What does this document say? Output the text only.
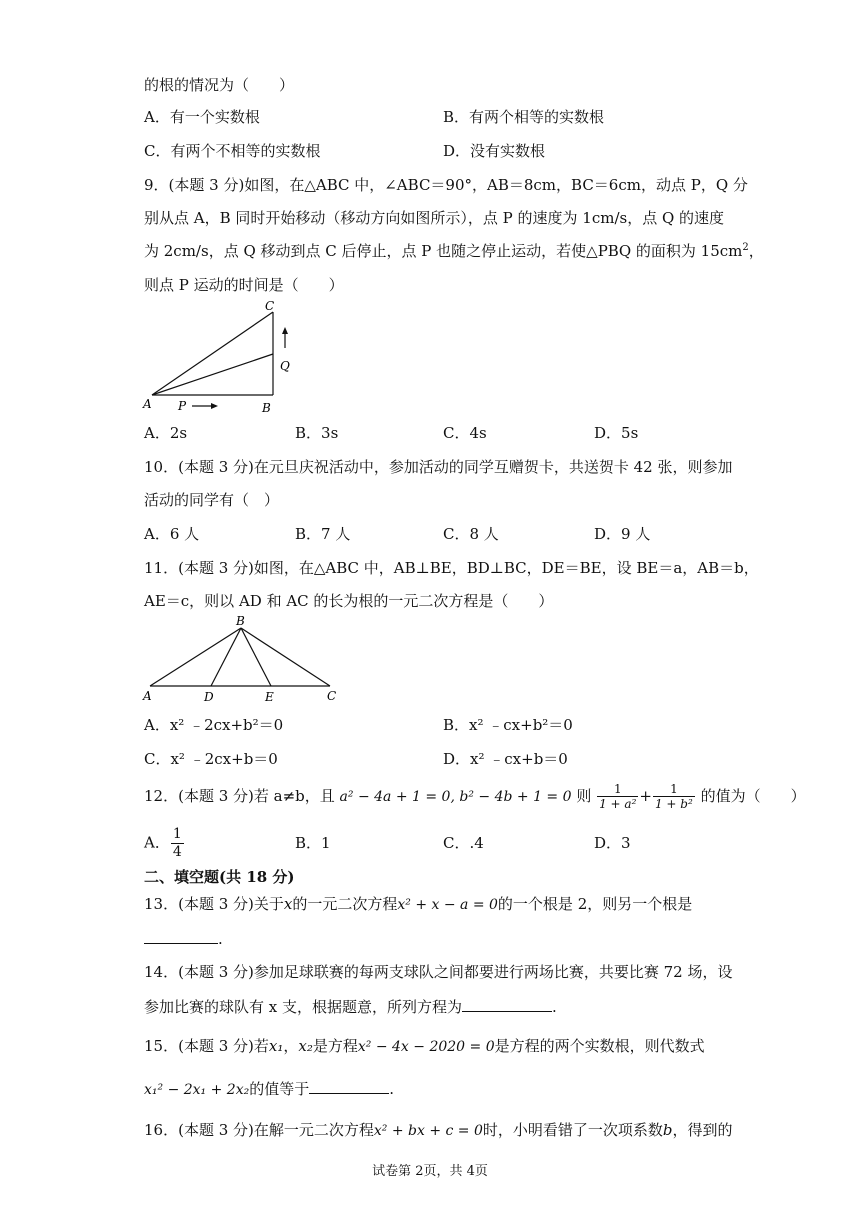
的根的情况为（　　）
A．有一个实数根	B．有两个相等的实数根
C．有两个不相等的实数根	D．没有实数根
9．(本题 3 分)如图，在△ABC 中，∠ABC＝90°，AB＝8cm，BC＝6cm，动点 P，Q 分
别从点 A，B 同时开始移动（移动方向如图所示），点 P 的速度为 1cm/s，点 Q 的速度
为 2cm/s，点 Q 移动到点 C 后停止，点 P 也随之停止运动，若使△PBQ 的面积为 $15cm^2$，
则点 P 运动的时间是（　　）
A P	B
C
Q
A．2s	B．3s	C．4s	D．5s
10．(本题 3 分)在元旦庆祝活动中，参加活动的同学互赠贺卡，共送贺卡 42 张，则参加
活动的同学有（　）
A．6 人	B．7 人	C．8 人	D．9 人
11．(本题 3 分)如图，在△ABC 中，AB⊥BE，BD⊥BC，DE＝BE，设 BE＝a，AB＝b，
AE＝c，则以 AD 和 AC 的长为根的一元二次方程是（　　）
B
A	D	E	C
A．x² ﹣2cx+b²＝0	B．x² ﹣cx+b²＝0
C．x² ﹣2cx+b＝0	D．x² ﹣cx+b＝0
12．(本题 3 分)若 a≠b，且 a² − 4a + 1 = 0, b² − 4b + 1 = 0 则 $\frac{1}{\text{1 + a²}} + \frac{1}{\text{1 + b²}}$ 的值为（　　）
A． $\frac{1}{4}$	B．1	C．.4	D．3
二、填空题(共 18 分)
13．(本题 3 分)关于x的一元二次方程x² + x − a = 0的一个根是 2，则另一个根是
.
14．(本题 3 分)参加足球联赛的每两支球队之间都要进行两场比赛，共要比赛 72 场，设
参加比赛的球队有 x 支，根据题意，所列方程为	.
15．(本题 3 分)若x₁，x₂是方程x² − 4x − 2020 = 0是方程的两个实数根，则代数式
x₁² − 2x₁ + 2x₂的值等于	.
16．(本题 3 分)在解一元二次方程x² + bx + c = 0时，小明看错了一次项系数b，得到的
试卷第 2页，共 4页
